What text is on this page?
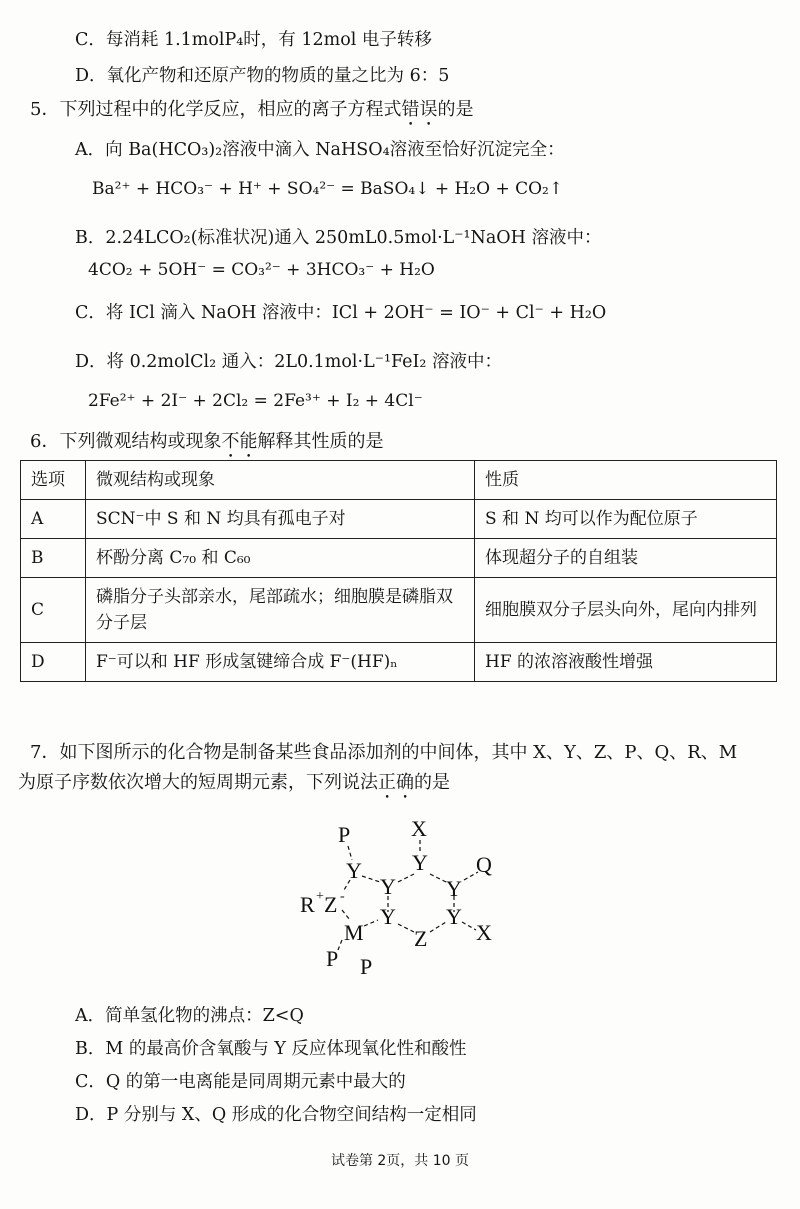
C．每消耗 1.1molP₄时，有 12mol 电子转移
D．氧化产物和还原产物的物质的量之比为 6：5
5．下列过程中的化学反应，相应的离子方程式错误的是
A．向 Ba(HCO₃)₂溶液中滴入 NaHSO₄溶液至恰好沉淀完全：
Ba²⁺ + HCO₃⁻ + H⁺ + SO₄²⁻ = BaSO₄↓ + H₂O + CO₂↑
B．2.24LCO₂(标准状况)通入 250mL0.5mol·L⁻¹NaOH 溶液中：
4CO₂ + 5OH⁻ = CO₃²⁻ + 3HCO₃⁻ + H₂O
C．将 ICl 滴入 NaOH 溶液中：ICl + 2OH⁻ = IO⁻ + Cl⁻ + H₂O
D．将 0.2molCl₂ 通入：2L0.1mol·L⁻¹FeI₂ 溶液中：
2Fe²⁺ + 2I⁻ + 2Cl₂ = 2Fe³⁺ + I₂ + 4Cl⁻
6．下列微观结构或现象不能解释其性质的是
选项	微观结构或现象	性质
A	SCN⁻中 S 和 N 均具有孤电子对	S 和 N 均可以作为配位原子
B	杯酚分离 C₇₀ 和 C₆₀	体现超分子的自组装
C	磷脂分子头部亲水，尾部疏水；细胞膜是磷脂双分子层	细胞膜双分子层头向外，尾向内排列
D	F⁻可以和 HF 形成氢键缔合成 F⁻(HF)ₙ	HF 的浓溶液酸性增强
7．如下图所示的化合物是制备某些食品添加剂的中间体，其中 X、Y、Z、P、Q、R、M
为原子序数依次增大的短周期元素，下列说法正确的是
P	X
Y Y
Y Y
Q
R + Z -
Y Y
M Z X
P P
A．简单氢化物的沸点：Z<Q
B．M 的最高价含氧酸与 Y 反应体现氧化性和酸性
C．Q 的第一电离能是同周期元素中最大的
D．P 分别与 X、Q 形成的化合物空间结构一定相同
试卷第 2页，共 10 页
